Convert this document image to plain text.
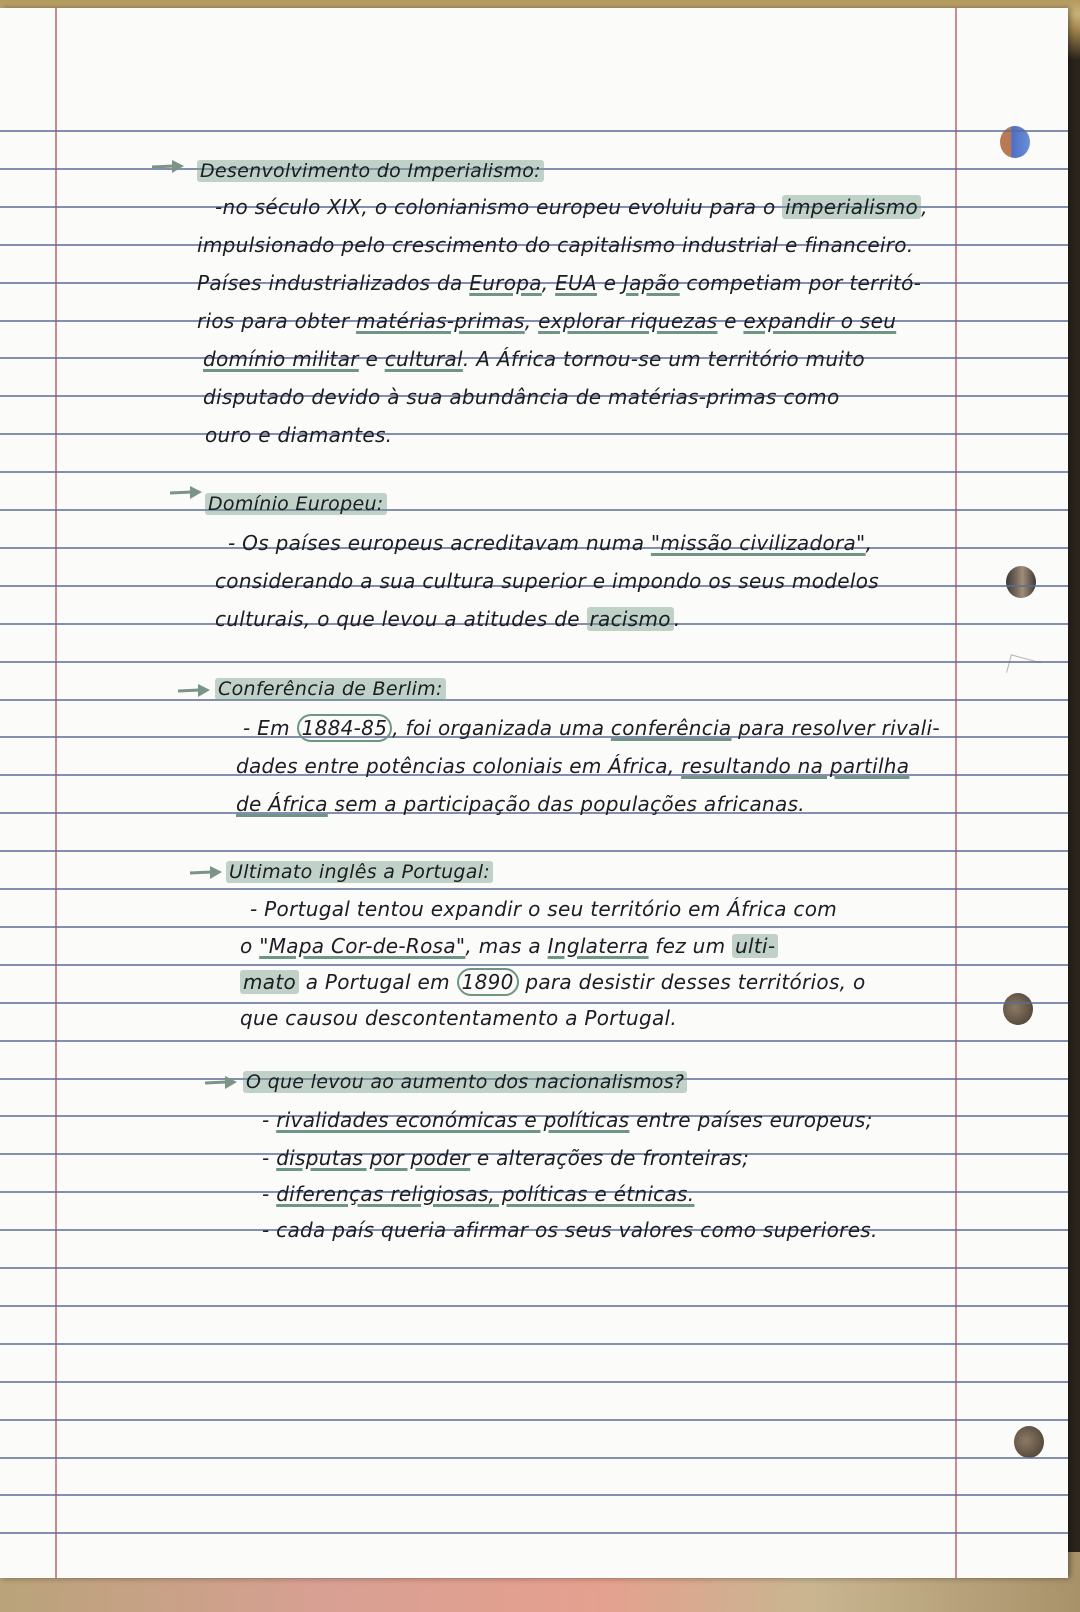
Desenvolvimento do Imperialismo:
-no século XIX, o colonianismo europeu evoluiu para o imperialismo ,
impulsionado pelo crescimento do capitalismo industrial e financeiro.
Países industrializados da Europa, EUA e Japão competiam por territó-
rios para obter matérias-primas, explorar riquezas e expandir o seu
domínio militar e cultural. A África tornou-se um território muito
disputado devido à sua abundância de matérias-primas como
ouro e diamantes.
Domínio Europeu:
- Os países europeus acreditavam numa "missão civilizadora",
considerando a sua cultura superior e impondo os seus modelos
culturais, o que levou a atitudes de racismo .
Conferência de Berlim:
- Em 1884-85 , foi organizada uma conferência para resolver rivali-
dades entre potências coloniais em África, resultando na partilha
de África sem a participação das populações africanas.
Ultimato inglês a Portugal:
- Portugal tentou expandir o seu território em África com
o "Mapa Cor-de-Rosa", mas a Inglaterra fez um ulti-
mato a Portugal em 1890 para desistir desses territórios, o
que causou descontentamento a Portugal.
O que levou ao aumento dos nacionalismos?
- rivalidades económicas e políticas entre países europeus;
- disputas por poder e alterações de fronteiras;
- diferenças religiosas, políticas e étnicas.
- cada país queria afirmar os seus valores como superiores.
